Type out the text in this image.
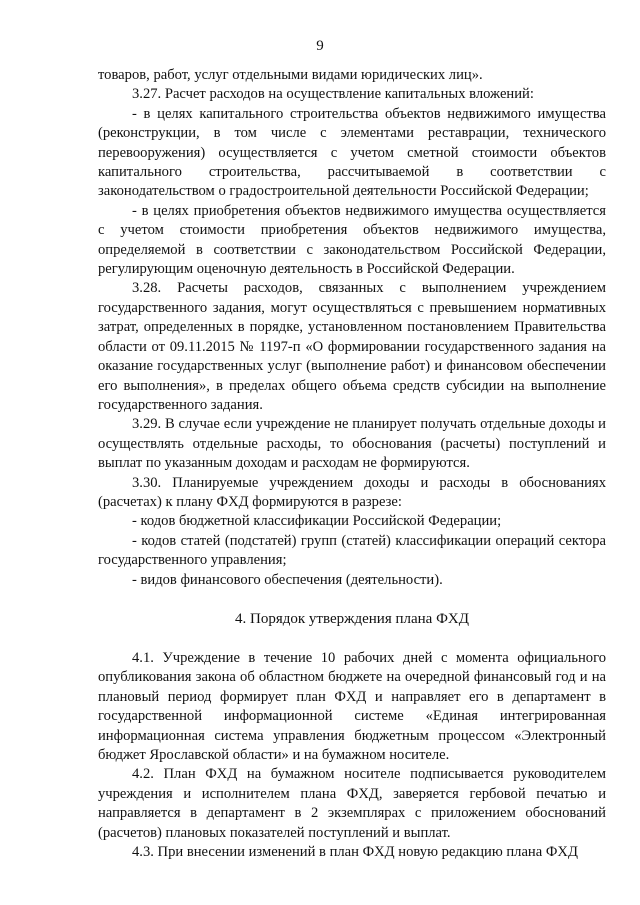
9

товаров, работ, услуг отдельными видами юридических лиц».

3.27. Расчет расходов на осуществление капитальных вложений:

- в целях капитального строительства объектов недвижимого имущества (реконструкции, в том числе с элементами реставрации, технического перевооружения) осуществляется с учетом сметной стоимости объектов капитального строительства, рассчитываемой в соответствии с законодательством о градостроительной деятельности Российской Федерации;

- в целях приобретения объектов недвижимого имущества осуществляется с учетом стоимости приобретения объектов недвижимого имущества, определяемой в соответствии с законодательством Российской Федерации, регулирующим оценочную деятельность в Российской Федерации.

3.28. Расчеты расходов, связанных с выполнением учреждением государственного задания, могут осуществляться с превышением нормативных затрат, определенных в порядке, установленном постановлением Правительства области от 09.11.2015 № 1197-п «О формировании государственного задания на оказание государственных услуг (выполнение работ) и финансовом обеспечении его выполнения», в пределах общего объема средств субсидии на выполнение государственного задания.

3.29. В случае если учреждение не планирует получать отдельные доходы и осуществлять отдельные расходы, то обоснования (расчеты) поступлений и выплат по указанным доходам и расходам не формируются.

3.30. Планируемые учреждением доходы и расходы в обоснованиях (расчетах) к плану ФХД формируются в разрезе:

- кодов бюджетной классификации Российской Федерации;

- кодов статей (подстатей) групп (статей) классификации операций сектора государственного управления;

- видов финансового обеспечения (деятельности).

4. Порядок утверждения плана ФХД

4.1. Учреждение в течение 10 рабочих дней с момента официального опубликования закона об областном бюджете на очередной финансовый год и на плановый период формирует план ФХД и направляет его в департамент в государственной информационной системе «Единая интегрированная информационная система управления бюджетным процессом «Электронный бюджет Ярославской области» и на бумажном носителе.

4.2. План ФХД на бумажном носителе подписывается руководителем учреждения и исполнителем плана ФХД, заверяется гербовой печатью и направляется в департамент в 2 экземплярах с приложением обоснований (расчетов) плановых показателей поступлений и выплат.

4.3. При внесении изменений в план ФХД новую редакцию плана ФХД
